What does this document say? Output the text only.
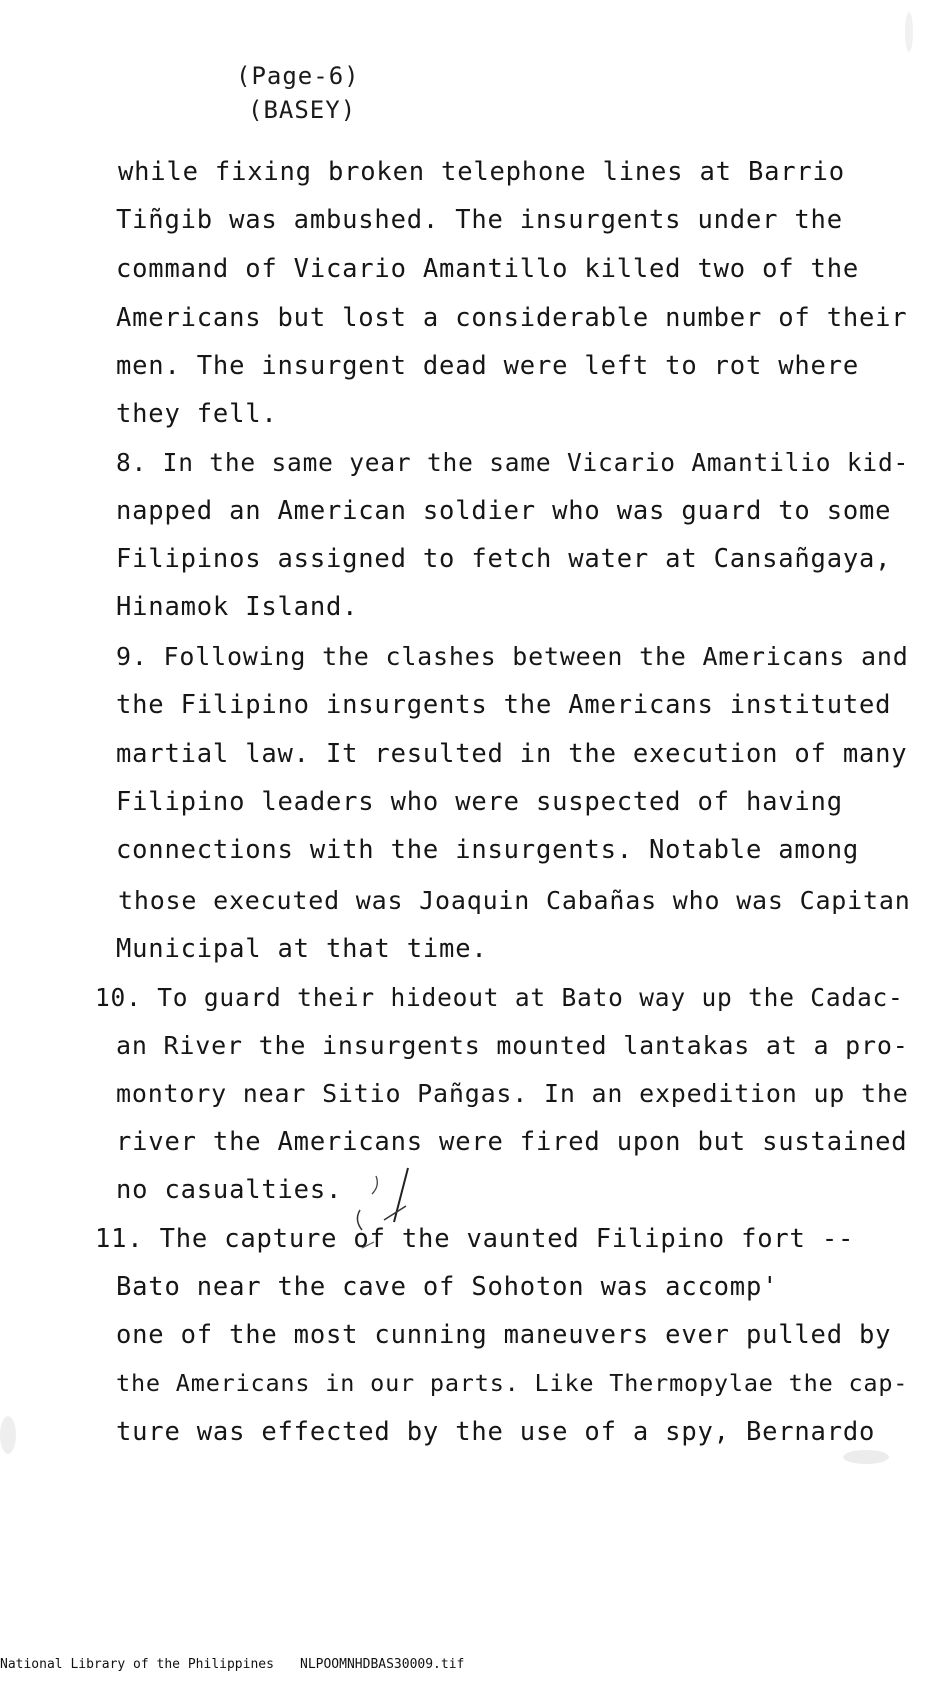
(Page-6)
(BASEY)
while fixing broken telephone lines at Barrio
Tiñgib was ambushed. The insurgents under the
command of Vicario Amantillo killed two of the
Americans but lost a considerable number of their
men. The insurgent dead were left to rot where
they fell.
8. In the same year the same Vicario Amantilio kid-
napped an American soldier who was guard to some
Filipinos assigned to fetch water at Cansañgaya,
Hinamok Island.
9. Following the clashes between the Americans and
the Filipino insurgents the Americans instituted
martial law. It resulted in the execution of many
Filipino leaders who were suspected of having
connections with the insurgents. Notable among
those executed was Joaquin Cabañas who was Capitan
Municipal at that time.
10. To guard their hideout at Bato way up the Cadac-
an River the insurgents mounted lantakas at a pro-
montory near Sitio Pañgas. In an expedition up the
river the Americans were fired upon but sustained
no casualties.
11. The capture of the vaunted Filipino fort --
Bato near the cave of Sohoton was accomp'
one of the most cunning maneuvers ever pulled by
the Americans in our parts. Like Thermopylae the cap-
ture was effected by the use of a spy, Bernardo
National Library of the Philippines NLPOOMNHDBAS30009.tif
